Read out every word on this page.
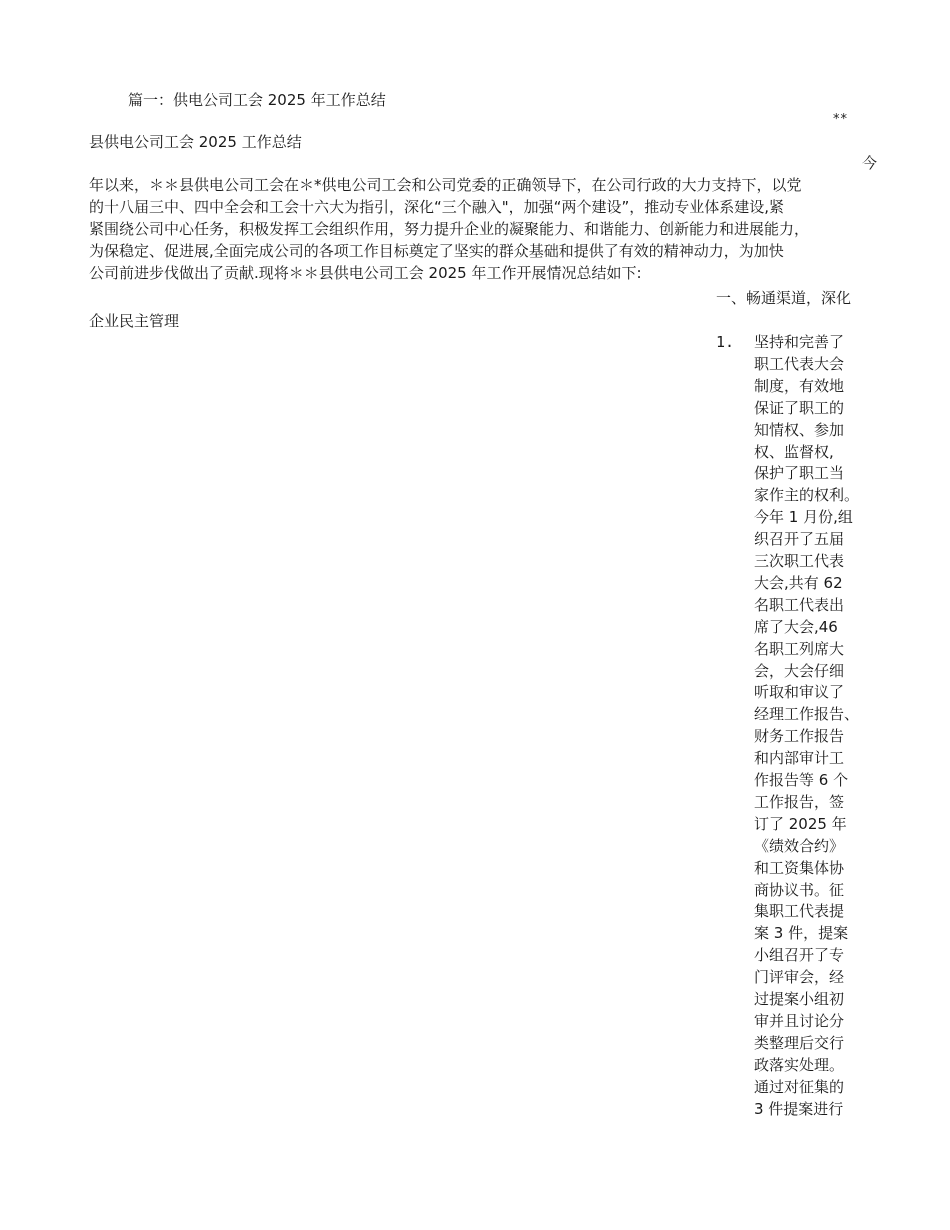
篇一：供电公司工会 2025 年工作总结

**

县供电公司工会 2025 工作总结

今

年以来，＊＊县供电公司工会在＊*供电公司工会和公司党委的正确领导下，在公司行政的大力支持下，以党

的十八届三中、四中全会和工会十六大为指引，深化“三个融入"，加强“两个建设”，推动专业体系建设,紧

紧围绕公司中心任务，积极发挥工会组织作用，努力提升企业的凝聚能力、和谐能力、创新能力和进展能力，

为保稳定、促进展,全面完成公司的各项工作目标奠定了坚实的群众基础和提供了有效的精神动力，为加快

公司前进步伐做出了贡献.现将＊＊县供电公司工会 2025 年工作开展情况总结如下:

一、畅通渠道，深化

企业民主管理

1. 坚持和完善了

职工代表大会

制度，有效地

保证了职工的

知情权、参加

权、监督权,

保护了职工当

家作主的权利。

今年 1 月份,组

织召开了五届

三次职工代表

大会,共有 62

名职工代表出

席了大会,46

名职工列席大

会，大会仔细

听取和审议了

经理工作报告、

财务工作报告

和内部审计工

作报告等 6 个

工作报告，签

订了 2025 年

《绩效合约》

和工资集体协

商协议书。征

集职工代表提

案 3 件，提案

小组召开了专

门评审会，经

过提案小组初

审并且讨论分

类整理后交行

政落实处理。

通过对征集的

3 件提案进行
